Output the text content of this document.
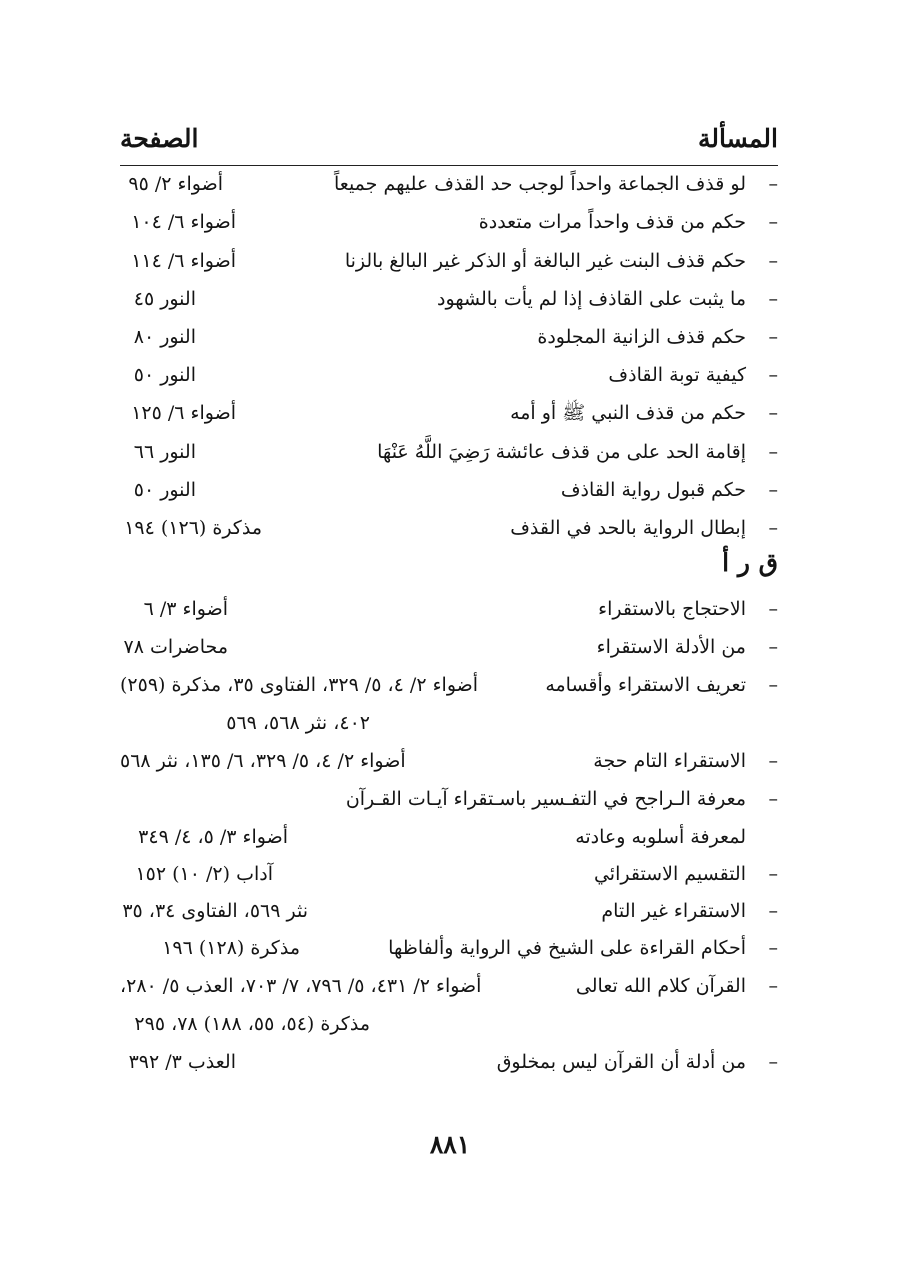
المسألة
الصفحة
–
لو قذف الجماعة واحداً لوجب حد القذف عليهم جميعاً
أضواء ٢/ ٩٥
–
حكم من قذف واحداً مرات متعددة
أضواء ٦/ ١٠٤
–
حكم قذف البنت غير البالغة أو الذكر غير البالغ بالزنا
أضواء ٦/ ١١٤
–
ما يثبت على القاذف إذا لم يأت بالشهود
النور ٤٥
–
حكم قذف الزانية المجلودة
النور ٨٠
–
كيفية توبة القاذف
النور ٥٠
–
حكم من قذف النبي ﷺ أو أمه
أضواء ٦/ ١٢٥
–
إقامة الحد على من قذف عائشة رَضِيَ اللَّهُ عَنْهَا
النور ٦٦
–
حكم قبول رواية القاذف
النور ٥٠
–
إبطال الرواية بالحد في القذف
مذكرة (١٢٦) ١٩٤
ق ر أ
–
الاحتجاج بالاستقراء
أضواء ٣/ ٦
–
من الأدلة الاستقراء
محاضرات ٧٨
–
تعريف الاستقراء وأقسامه
أضواء ٢/ ٤، ٥/ ٣٢٩، الفتاوى ٣٥، مذكرة (٢٥٩)
٤٠٢، نثر ٥٦٨، ٥٦٩
–
الاستقراء التام حجة
أضواء ٢/ ٤، ٥/ ٣٢٩، ٦/ ١٣٥، نثر ٥٦٨
–
معرفة الـراجح في التفـسير باسـتقراء آيـات القـرآن
لمعرفة أسلوبه وعادته
أضواء ٣/ ٥، ٤/ ٣٤٩
–
التقسيم الاستقرائي
آداب (٢/ ١٠) ١٥٢
–
الاستقراء غير التام
نثر ٥٦٩، الفتاوى ٣٤، ٣٥
–
أحكام القراءة على الشيخ في الرواية وألفاظها
مذكرة (١٢٨) ١٩٦
–
القرآن كلام الله تعالى
أضواء ٢/ ٤٣١، ٥/ ٧٩٦، ٧/ ٧٠٣، العذب ٥/ ٢٨٠،
مذكرة (٥٤، ٥٥، ١٨٨) ٧٨، ٢٩٥
–
من أدلة أن القرآن ليس بمخلوق
العذب ٣/ ٣٩٢
٨٨١
